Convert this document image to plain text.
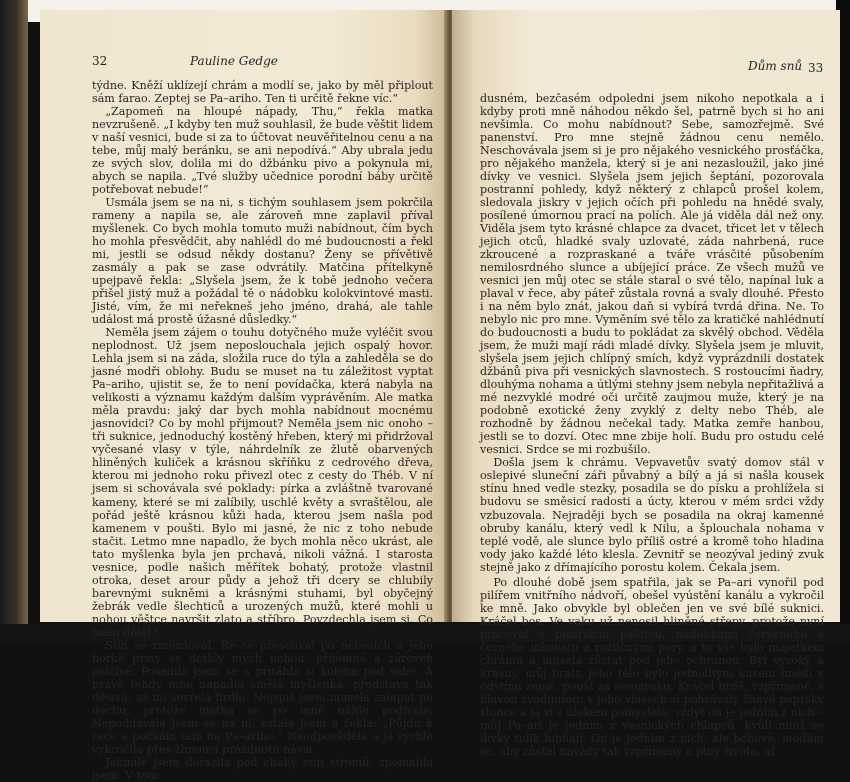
32	Pauline Gedge

týdne. Kněží uklízejí chrám a modlí se, jako by měl připlout sám farao. Zeptej se Pa–ariho. Ten ti určitě řekne víc.“

„Zapomeň na hloupé nápady, Thu,“ řekla matka nevzrušeně. „I kdyby ten muž souhlasil, že bude věštit lidem v naší vesnici, bude si za to účtovat neuvěřitelnou cenu a na tebe, můj malý beránku, se ani nepodívá.“ Aby ubrala jedu ze svých slov, dolila mi do džbánku pivo a pokynula mi, abych se napila. „Tvé služby učednice porodní báby určitě potřebovat nebude!“

Usmála jsem se na ni, s tichým souhlasem jsem pokrčila rameny a napila se, ale zároveň mne zaplavil příval myšlenek. Co bych mohla tomuto muži nabídnout, čím bych ho mohla přesvědčit, aby nahlédl do mé budoucnosti a řekl mi, jestli se odsud někdy dostanu? Ženy se přívětivě zasmály a pak se zase odvrátily. Matčina přítelkyně upejpavě řekla: „Slyšela jsem, že k tobě jednoho večera přišel jistý muž a požádal tě o nádobku kolokvintové masti. Jisté, vím, že mi neřekneš jeho jméno, drahá, ale tahle událost má prostě úžasné důsledky.“

Neměla jsem zájem o touhu dotyčného muže vyléčit svou neplodnost. Už jsem neposlouchala jejich ospalý hovor. Lehla jsem si na záda, složila ruce do týla a zahleděla se do jasné modři oblohy. Budu se muset na tu záležitost vyptat Pa–ariho, ujistit se, že to není povídačka, která nabyla na velikosti a významu každým dalším vyprávěním. Ale matka měla pravdu: jaký dar bych mohla nabídnout mocnému jasnovidci? Co by mohl přijmout? Neměla jsem nic onoho – tři suknice, jednoduchý kostěný hřeben, který mi přidržoval vyčesané vlasy v týle, náhrdelník ze žlutě obarvených hliněných kuliček a krásnou skříňku z cedrového dřeva, kterou mi jednoho roku přivezl otec z cesty do Théb. V ní jsem si schovávala své poklady: pírka a zvláštně tvarované kameny, které se mi zalíbily, uschlé květy a svraštělou, ale pořád ještě krásnou kůži hada, kterou jsem našla pod kamenem v poušti. Bylo mi jasné, že nic z toho nebude stačit. Letmo mne napadlo, že bych mohla něco ukrást, ale tato myšlenka byla jen prchavá, nikoli vážná. I starosta vesnice, podle našich měřítek bohatý, protože vlastnil otroka, deset arour půdy a jehož tři dcery se chlubily barevnými sukněmi a krásnými stuhami, byl obyčejný žebrák vedle šlechticů a urozených mužů, které mohli u nohou věštce navršit zlato a stříbro. Povzdechla jsem si. Co mám dělat?

Stín se zmenšoval. Re se přesouval po nebesích a jeho horké prsty se dotkly mých nohou, příjemné a zároveň palčivé. Posadila jsem se a přitáhla si kolena pod sebe. A právě tehdy mne napadla smělá myšlenka, představa tak děsivá, až mi sevřela hrdlo. Nejspíš jsem musela zalapat po dechu, protože matka se po mně náhle podívala. Nepoddávala jsem se na ni, vstala jsem a řekla: „Půjdu k řece a počkám tam na Pa–ariho.“ Neodpověděla a já rychle vykročila přes žhnoucí prázdnotu návsi.

Jakmile jsem dorazila pod chabý stín stromů, zpomalila jsem. V tom

Dům snů 33

dusném, bezčasém odpoledni jsem nikoho nepotkala a i kdyby proti mně náhodou někdo šel, patrně bych si ho ani nevšimla. Co mohu nabídnout? Sebe, samozřejmě. Své panenství. Pro mne stejně žádnou cenu nemělo. Neschovávala jsem si je pro nějakého vesnického prosťáčka, pro nějakého manžela, který si je ani nezasloužil, jako jiné dívky ve vesnici. Slyšela jsem jejich šeptání, pozorovala postranní pohledy, když některý z chlapců prošel kolem, sledovala jiskry v jejich očích při pohledu na hnědé svaly, posílené úmornou prací na polích. Ale já viděla dál než ony. Viděla jsem tyto krásné chlapce za dvacet, třicet let v tělech jejich otců, hladké svaly uzlovaté, záda nahrbená, ruce zkroucené a rozpraskané a tváře vrásčité působením nemilosrdného slunce a ubíjející práce. Ze všech mužů ve vesnici jen můj otec se stále staral o své tělo, napínal luk a plaval v řece, aby páteř zůstala rovná a svaly dlouhé. Přesto i na něm bylo znát, jakou daň si vybírá tvrdá dřina. Ne. To nebylo nic pro mne. Vyměním své tělo za kratičké nahlédnutí do budoucnosti a budu to pokládat za skvělý obchod. Věděla jsem, že muži mají rádi mladé dívky. Slyšela jsem je mluvit, slyšela jsem jejich chlípný smích, když vyprázdnili dostatek džbánů piva při vesnických slavnostech. S rostoucími ňadry, dlouhýma nohama a útlými stehny jsem nebyla nepřitažlivá a mé nezvyklé modré oči určitě zaujmou muže, který je na podobně exotické ženy zvyklý z delty nebo Théb, ale rozhodně by žádnou nečekal tady. Matka zemře hanbou, jestli se to dozví. Otec mne zbije holí. Budu pro ostudu celé vesnici. Srdce se mi rozbušilo.

Došla jsem k chrámu. Vepvavetův svatý domov stál v oslepivé sluneční záři půvabný a bílý a já si našla kousek stínu hned vedle stezky, posadila se do písku a prohlížela si budovu se směsicí radosti a úcty, kterou v mém srdci vždy vzbuzovala. Nejraději bych se posadila na okraj kamenné obruby kanálu, který vedl k Nilu, a šplouchala nohama v teplé vodě, ale slunce bylo příliš ostré a kromě toho hladina vody jako každé léto klesla. Zevnitř se neozýval jediný zvuk stejně jako z dřímajícího porostu kolem. Čekala jsem.

Po dlouhé době jsem spatřila, jak se Pa–ari vynořil pod pilířem vnitřního nádvoří, obešel vyústění kanálu a vykročil ke mně. Jako obvykle byl oblečen jen ve své bílé suknici. Kráčel bos. Ve vaku už nenosil hliněné střepy, protože nyní pracoval s písařskou paletou, nádobkami červeného a černého inkoustu a rozličnými pery, a to vše bylo majetkem chrámu a musela zůstat pod jeho ochranou. Byl vysoký a krásný, můj bratr, jeho tělo bylo jednolitým kusem hnědi v odstínu země, poušť za soumraku. Kráčel hrdě, vzpřímeně, s hlavou zvednutou; v jeho vlasech si pohrávaly žhavé paprsky slunce a já si s úlekem pomyslela: vždyť on je jedním z nich – můj Pa–ari je jedním z vesnických chlapců, kvůli nimž se dívky tolik hihňají. On je jedním z nich, ale bohové, modlím se, aby zůstal navždy tak vzpřímený a plný života, ať
